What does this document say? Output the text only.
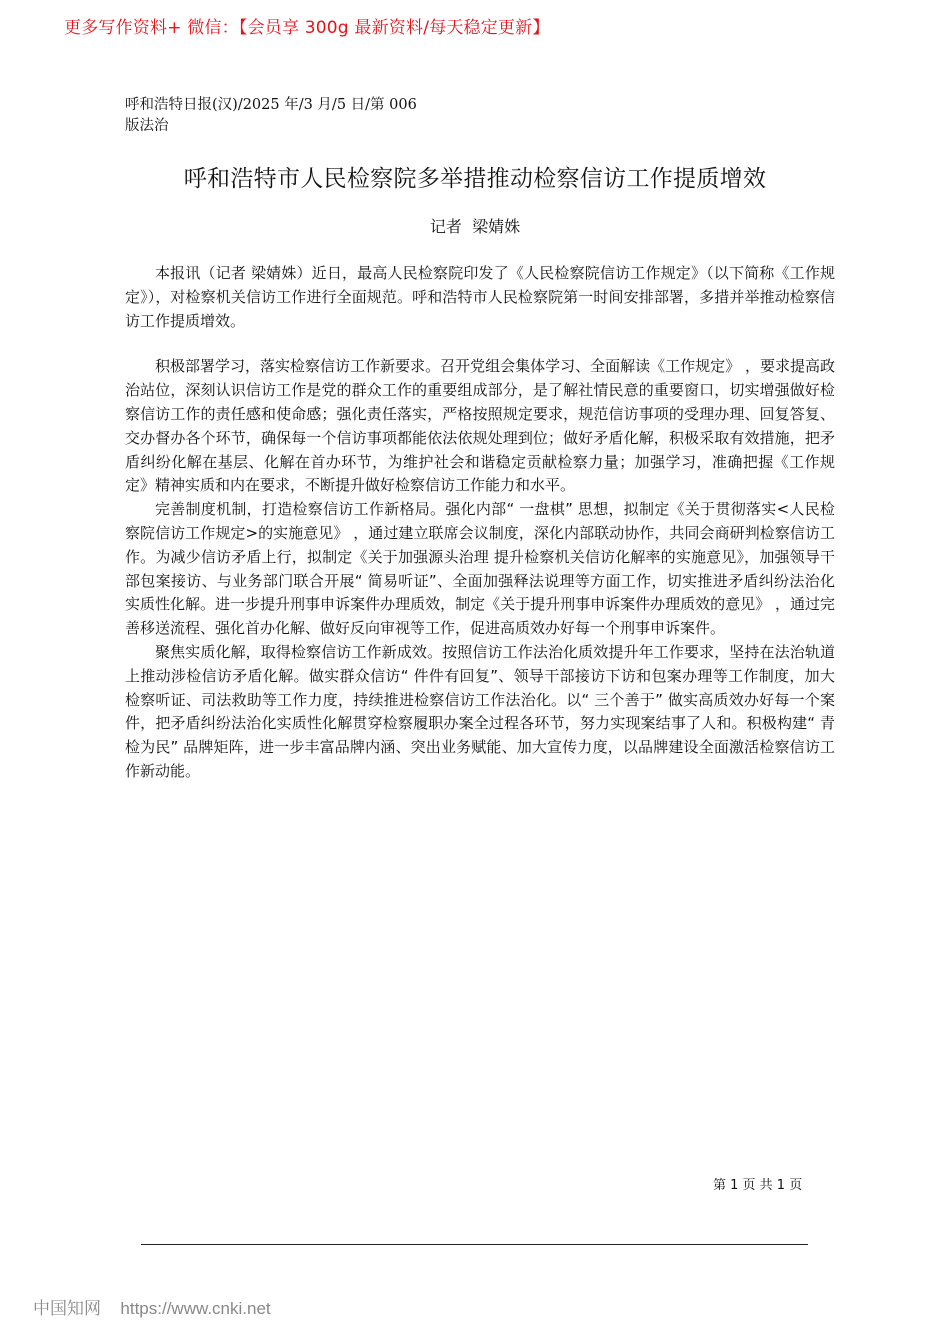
更多写作资料+ 微信：【会员享 300g 最新资料/每天稳定更新】
呼和浩特日报(汉)/2025 年/3 月/5 日/第 006
版法治
呼和浩特市人民检察院多举措推动检察信访工作提质增效
记者  梁婧姝

本报讯（记者 梁婧姝）近日，最高人民检察院印发了《人民检察院信访工作规定》（以下简称《工作规定》），对检察机关信访工作进行全面规范。呼和浩特市人民检察院第一时间安排部署，多措并举推动检察信访工作提质增效。

积极部署学习，落实检察信访工作新要求。召开党组会集体学习、全面解读《工作规定》 ，要求提高政治站位，深刻认识信访工作是党的群众工作的重要组成部分，是了解社情民意的重要窗口，切实增强做好检察信访工作的责任感和使命感；强化责任落实，严格按照规定要求，规范信访事项的受理办理、回复答复、交办督办各个环节，确保每一个信访事项都能依法依规处理到位；做好矛盾化解，积极采取有效措施，把矛盾纠纷化解在基层、化解在首办环节，为维护社会和谐稳定贡献检察力量；加强学习，准确把握《工作规定》精神实质和内在要求，不断提升做好检察信访工作能力和水平。

完善制度机制，打造检察信访工作新格局。强化内部“ 一盘棋” 思想，拟制定《关于贯彻落实<人民检察院信访工作规定>的实施意见》 ，通过建立联席会议制度，深化内部联动协作，共同会商研判检察信访工作。为减少信访矛盾上行，拟制定《关于加强源头治理 提升检察机关信访化解率的实施意见》，加强领导干部包案接访、与业务部门联合开展“ 简易听证”、全面加强释法说理等方面工作，切实推进矛盾纠纷法治化实质性化解。进一步提升刑事申诉案件办理质效，制定《关于提升刑事申诉案件办理质效的意见》 ，通过完善移送流程、强化首办化解、做好反向审视等工作，促进高质效办好每一个刑事申诉案件。

聚焦实质化解，取得检察信访工作新成效。按照信访工作法治化质效提升年工作要求，坚持在法治轨道上推动涉检信访矛盾化解。做实群众信访“ 件件有回复”、领导干部接访下访和包案办理等工作制度，加大检察听证、司法救助等工作力度，持续推进检察信访工作法治化。以“ 三个善于” 做实高质效办好每一个案件，把矛盾纠纷法治化实质性化解贯穿检察履职办案全过程各环节，努力实现案结事了人和。积极构建“ 青检为民” 品牌矩阵，进一步丰富品牌内涵、突出业务赋能、加大宣传力度，以品牌建设全面激活检察信访工作新动能。

第 1 页 共 1 页
中国知网 https://www.cnki.net
